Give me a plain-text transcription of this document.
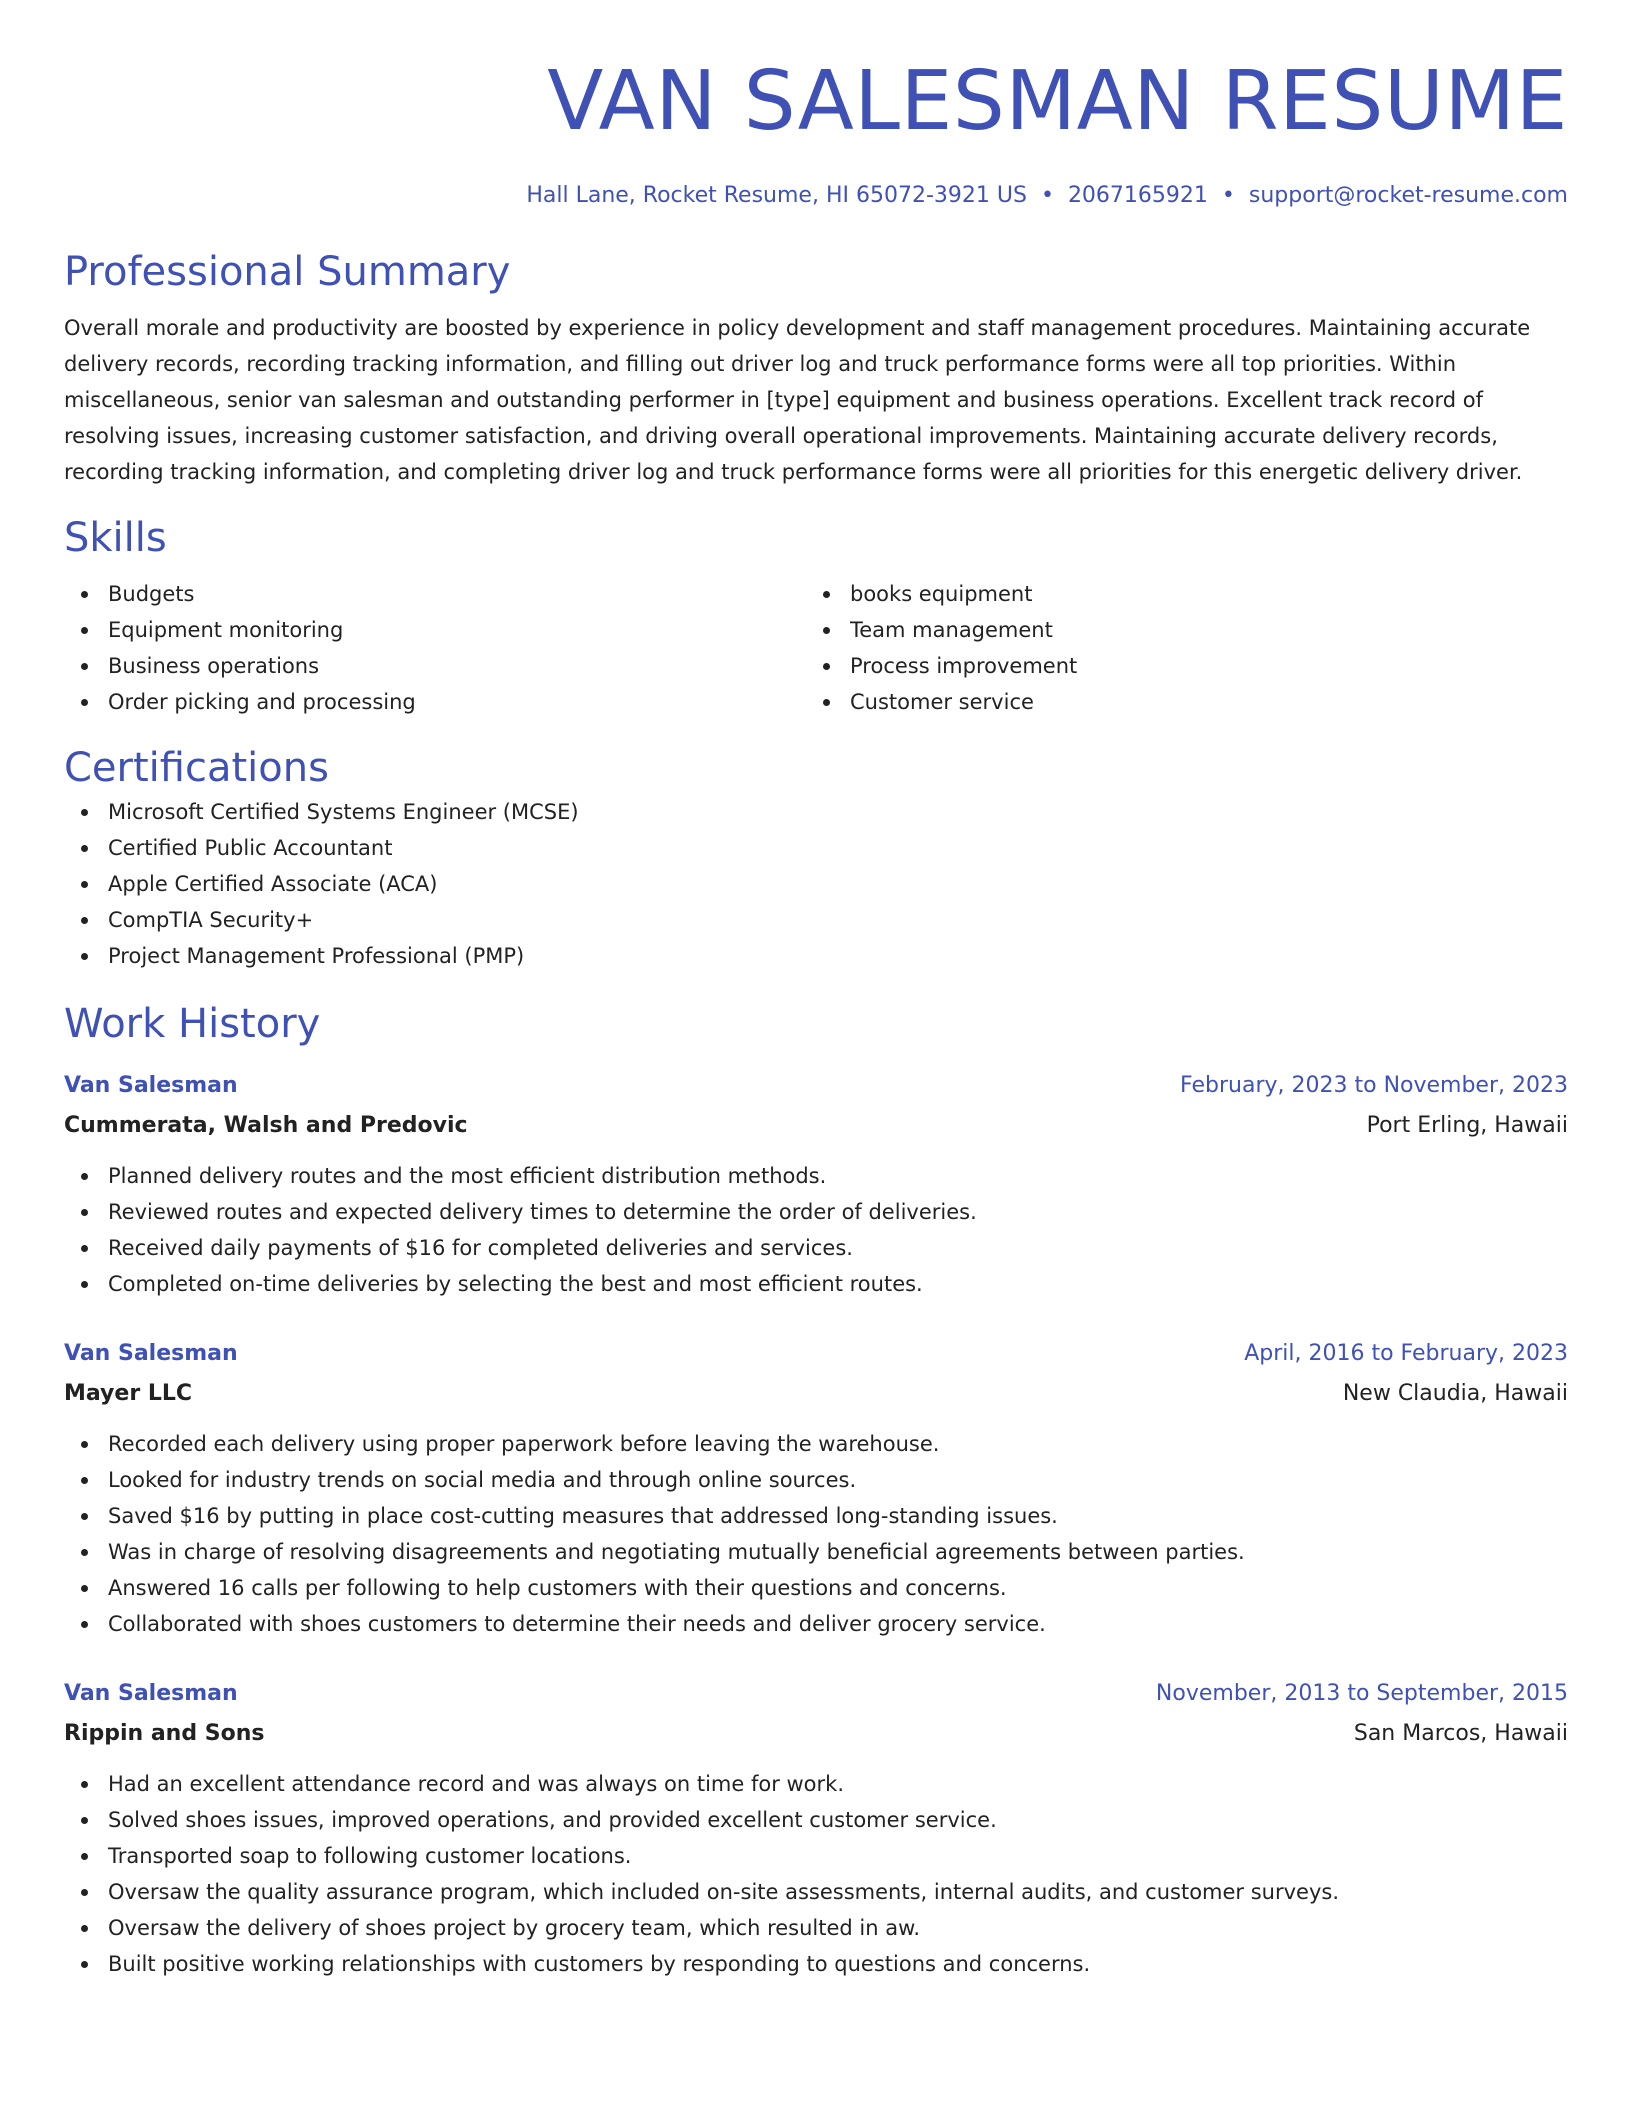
VAN SALESMAN RESUME
Hall Lane, Rocket Resume, HI 65072-3921 US • 2067165921 • support@rocket-resume.com
Professional Summary
Overall morale and productivity are boosted by experience in policy development and staff management procedures. Maintaining accurate delivery records, recording tracking information, and filling out driver log and truck performance forms were all top priorities. Within miscellaneous, senior van salesman and outstanding performer in [type] equipment and business operations. Excellent track record of resolving issues, increasing customer satisfaction, and driving overall operational improvements. Maintaining accurate delivery records, recording tracking information, and completing driver log and truck performance forms were all priorities for this energetic delivery driver.
Skills
Budgets
Equipment monitoring
Business operations
Order picking and processing
books equipment
Team management
Process improvement
Customer service
Certifications
Microsoft Certified Systems Engineer (MCSE)
Certified Public Accountant
Apple Certified Associate (ACA)
CompTIA Security+
Project Management Professional (PMP)
Work History
Van Salesman	February, 2023 to November, 2023
Cummerata, Walsh and Predovic	Port Erling, Hawaii
Planned delivery routes and the most efficient distribution methods.
Reviewed routes and expected delivery times to determine the order of deliveries.
Received daily payments of $16 for completed deliveries and services.
Completed on-time deliveries by selecting the best and most efficient routes.
Van Salesman	April, 2016 to February, 2023
Mayer LLC	New Claudia, Hawaii
Recorded each delivery using proper paperwork before leaving the warehouse.
Looked for industry trends on social media and through online sources.
Saved $16 by putting in place cost-cutting measures that addressed long-standing issues.
Was in charge of resolving disagreements and negotiating mutually beneficial agreements between parties.
Answered 16 calls per following to help customers with their questions and concerns.
Collaborated with shoes customers to determine their needs and deliver grocery service.
Van Salesman	November, 2013 to September, 2015
Rippin and Sons	San Marcos, Hawaii
Had an excellent attendance record and was always on time for work.
Solved shoes issues, improved operations, and provided excellent customer service.
Transported soap to following customer locations.
Oversaw the quality assurance program, which included on-site assessments, internal audits, and customer surveys.
Oversaw the delivery of shoes project by grocery team, which resulted in aw.
Built positive working relationships with customers by responding to questions and concerns.
